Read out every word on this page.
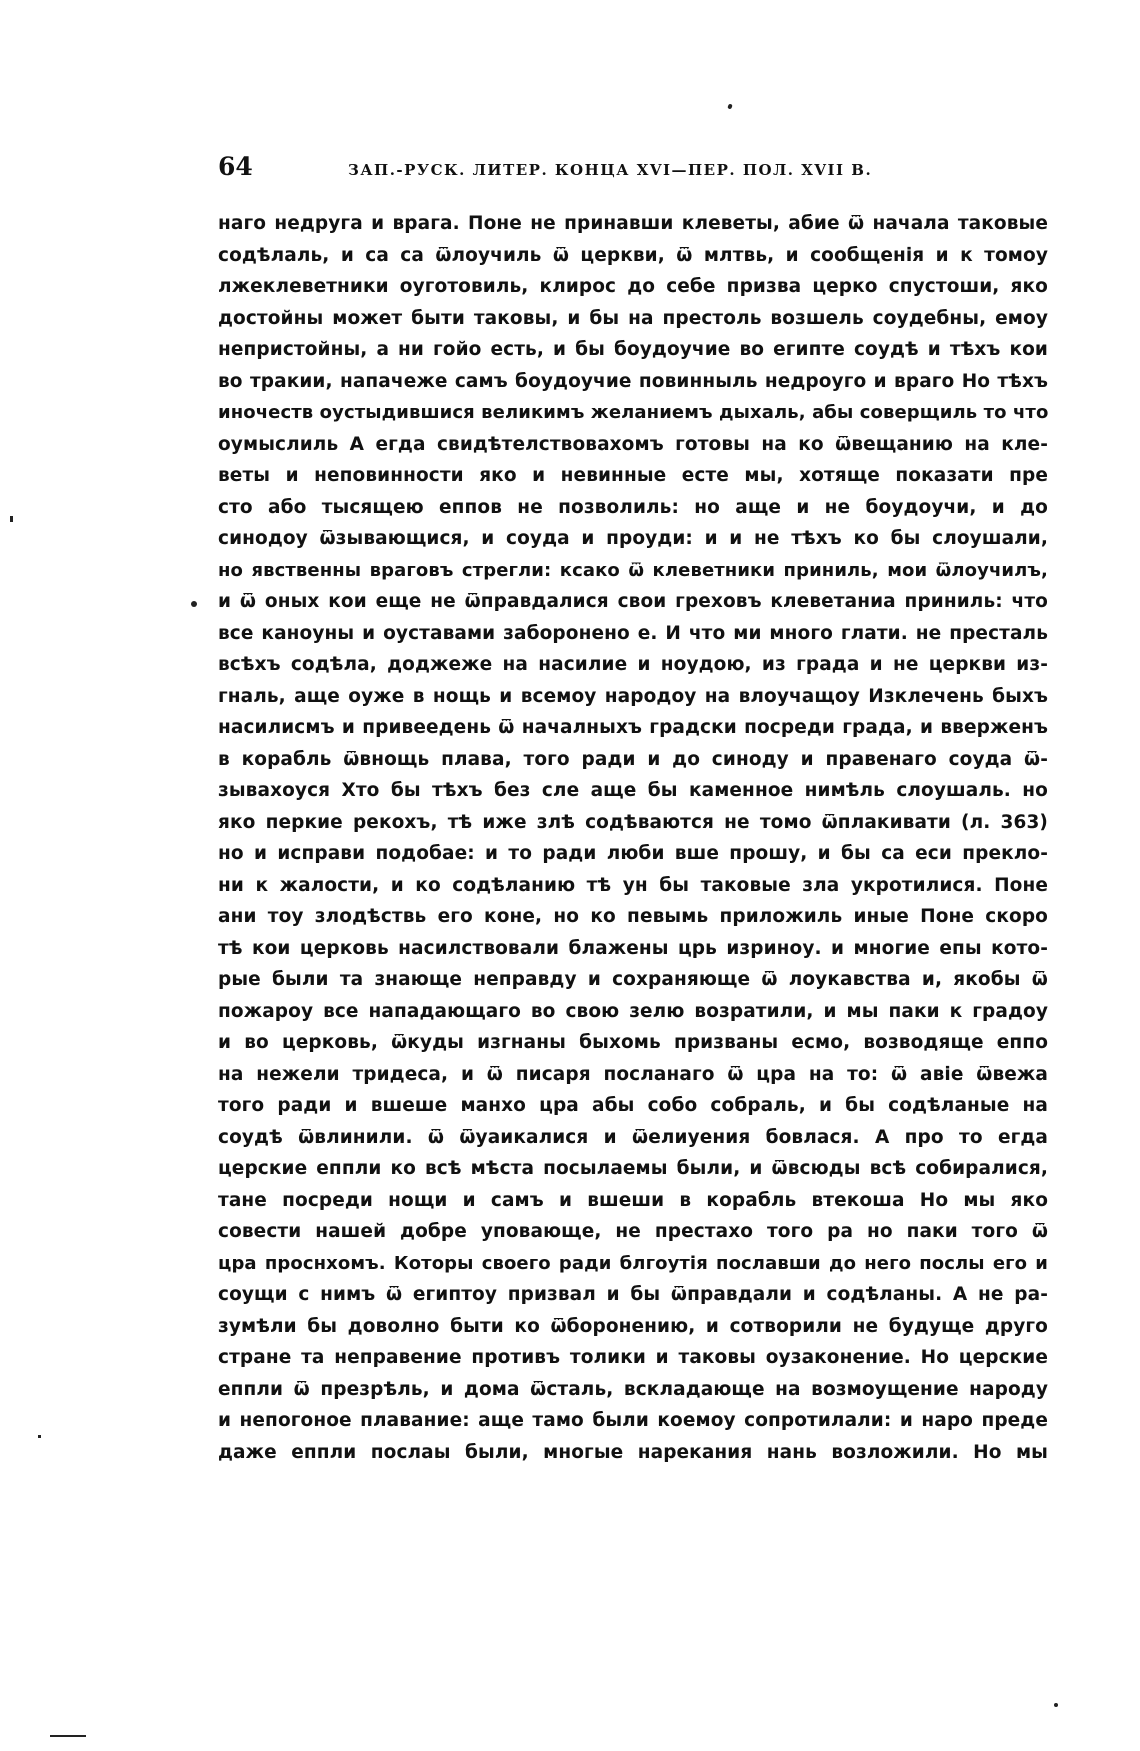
64	ЗАП.-РУСК. ЛИТЕР. КОНЦА XVI—ПЕР. ПОЛ. XVII В.
наго недруга и врага. Поне не принавши клеветы, абие ѿ начала таковые
содѣлаль, и са са ѿлоучиль ѿ церкви, ѿ млтвь, и сообщенія и к томоу
лжеклеветники оуготовиль, клирос до себе призва церко спустоши, яко
достойны может быти таковы, и бы на престоль возшель соудебны, емоу
непристойны, а ни гойо есть, и бы боудоучие во египте соудѣ и тѣхъ кои
во тракии, напачеже самъ боудоучие повинныль недроуго и враго Но тѣхъ
иночеств оустыдившися великимъ желаниемъ дыхаль, абы соверщиль то что
оумыслиль А егда свидѣтелствовахомъ готовы на ко ѿвещанию на кле-
веты и неповинности яко и невинные есте мы, хотяще показати пре
сто або тысящею еппов не позволиль: но аще и не боудоучи, и до
синодоу ѿзывающися, и соуда и проуди: и и не тѣхъ ко бы слоушали,
но явственны враговъ стрегли: ксако ѿ клеветники приниль, мои ѿлоучилъ,
и ѿ оных кои еще не ѿправдалися свои греховъ клеветаниа приниль: что
все каноуны и оуставами заборонено е. И что ми много глати. не престаль
всѣхъ содѣла, доджеже на насилие и ноудою, из града и не церкви из-
гналь, аще оуже в нощь и всемоу народоу на влоучащоу Изклечень быхъ
насилисмъ и привеедень ѿ началныхъ градски посреди града, и вверженъ
в корабль ѿвнощь плава, того ради и до синоду и правенаго соуда ѿ-
зывахоуся Хто бы тѣхъ без сле аще бы каменное нимѣль слоушаль. но
яко перкие рекохъ, тѣ иже злѣ содѣваются не томо ѿплакивати (л. 363)
но и исправи подобае: и то ради люби вше прошу, и бы са еси прекло-
ни к жалости, и ко содѣланию тѣ ун бы таковые зла укротилися. Поне
ани тоу злодѣствь его коне, но ко певымь приложиль иные Поне скоро
тѣ кои церковь насилствовали блажены црь изриноу. и многие епы кото-
рые были та знающе неправду и сохраняюще ѿ лоукавства и, якобы ѿ
пожароу все нападающаго во свою зелю возратили, и мы паки к градоу
и во церковь, ѿкуды изгнаны быхомь призваны есмо, возводяще еппо
на нежели тридеса, и ѿ писаря посланаго ѿ цра на то: ѿ авіе ѿвежа
того ради и вшеше манхо цра абы собо собраль, и бы содѣланые на
соудѣ ѿвлинили. ѿ ѿуаикалися и ѿелиуения бовлася. А про то егда
церские еппли ко всѣ мѣста посылаемы были, и ѿвсюды всѣ собиралися,
тане посреди нощи и самъ и вшеши в корабль втекоша Но мы яко
совести нашей добре уповающе, не престахо того ра но паки того ѿ
цра проснхомъ. Которы своего ради блгоутія пославши до него послы его и
соущи с нимъ ѿ египтоу призвал и бы ѿправдали и содѣланы. А не ра-
зумѣли бы доволно быти ко ѿборонению, и сотворили не будуще друго
стране та неправение противъ толики и таковы оузаконение. Но церские
еппли ѿ презрѣль, и дома ѿсталь, вскладающе на возмоущение народу
и непогоное плавание: аще тамо были коемоу сопротилали: и наро преде
даже еппли послаы были, многые нарекания нань возложили. Но мы
